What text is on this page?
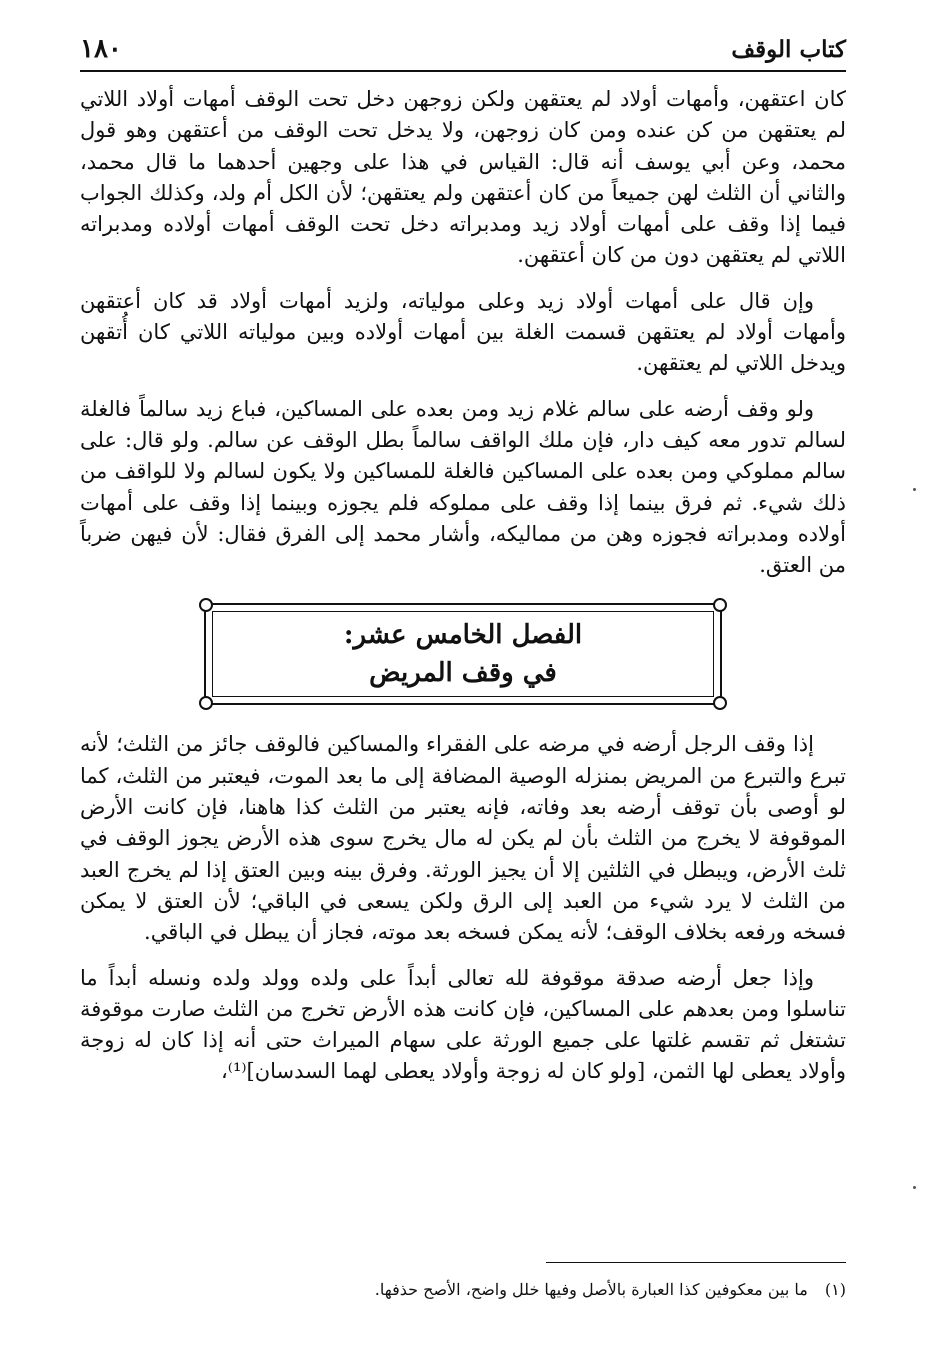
كتاب الوقف
١٨٠

كان اعتقهن، وأمهات أولاد لم يعتقهن ولكن زوجهن دخل تحت الوقف أمهات أولاد اللاتي لم يعتقهن من كن عنده ومن كان زوجهن، ولا يدخل تحت الوقف من أعتقهن وهو قول محمد، وعن أبي يوسف أنه قال: القياس في هذا على وجهين أحدهما ما قال محمد، والثاني أن الثلث لهن جميعاً من كان أعتقهن ولم يعتقهن؛ لأن الكل أم ولد، وكذلك الجواب فيما إذا وقف على أمهات أولاد زيد ومدبراته دخل تحت الوقف أمهات أولاده ومدبراته اللاتي لم يعتقهن دون من كان أعتقهن.

وإن قال على أمهات أولاد زيد وعلى مولياته، ولزيد أمهات أولاد قد كان أعتقهن وأمهات أولاد لم يعتقهن قسمت الغلة بين أمهات أولاده وبين مولياته اللاتي كان أُتقهن ويدخل اللاتي لم يعتقهن.

ولو وقف أرضه على سالم غلام زيد ومن بعده على المساكين، فباع زيد سالماً فالغلة لسالم تدور معه كيف دار، فإن ملك الواقف سالماً بطل الوقف عن سالم. ولو قال: على سالم مملوكي ومن بعده على المساكين فالغلة للمساكين ولا يكون لسالم ولا للواقف من ذلك شيء. ثم فرق بينما إذا وقف على مملوكه فلم يجوزه وبينما إذا وقف على أمهات أولاده ومدبراته فجوزه وهن من مماليكه، وأشار محمد إلى الفرق فقال: لأن فيهن ضرباً من العتق.

الفصل الخامس عشر:
في وقف المريض

إذا وقف الرجل أرضه في مرضه على الفقراء والمساكين فالوقف جائز من الثلث؛ لأنه تبرع والتبرع من المريض بمنزله الوصية المضافة إلى ما بعد الموت، فيعتبر من الثلث، كما لو أوصى بأن توقف أرضه بعد وفاته، فإنه يعتبر من الثلث كذا هاهنا، فإن كانت الأرض الموقوفة لا يخرج من الثلث بأن لم يكن له مال يخرج سوى هذه الأرض يجوز الوقف في ثلث الأرض، ويبطل في الثلثين إلا أن يجيز الورثة. وفرق بينه وبين العتق إذا لم يخرج العبد من الثلث لا يرد شيء من العبد إلى الرق ولكن يسعى في الباقي؛ لأن العتق لا يمكن فسخه ورفعه بخلاف الوقف؛ لأنه يمكن فسخه بعد موته، فجاز أن يبطل في الباقي.

وإذا جعل أرضه صدقة موقوفة لله تعالى أبداً على ولده وولد ولده ونسله أبداً ما تناسلوا ومن بعدهم على المساكين، فإن كانت هذه الأرض تخرج من الثلث صارت موقوفة تشتغل ثم تقسم غلتها على جميع الورثة على سهام الميراث حتى أنه إذا كان له زوجة وأولاد يعطى لها الثمن، [ولو كان له زوجة وأولاد يعطى لهما السدسان]⁽¹⁾،

(١) ما بين معكوفين كذا العبارة بالأصل وفيها خلل واضح، الأصح حذفها.
